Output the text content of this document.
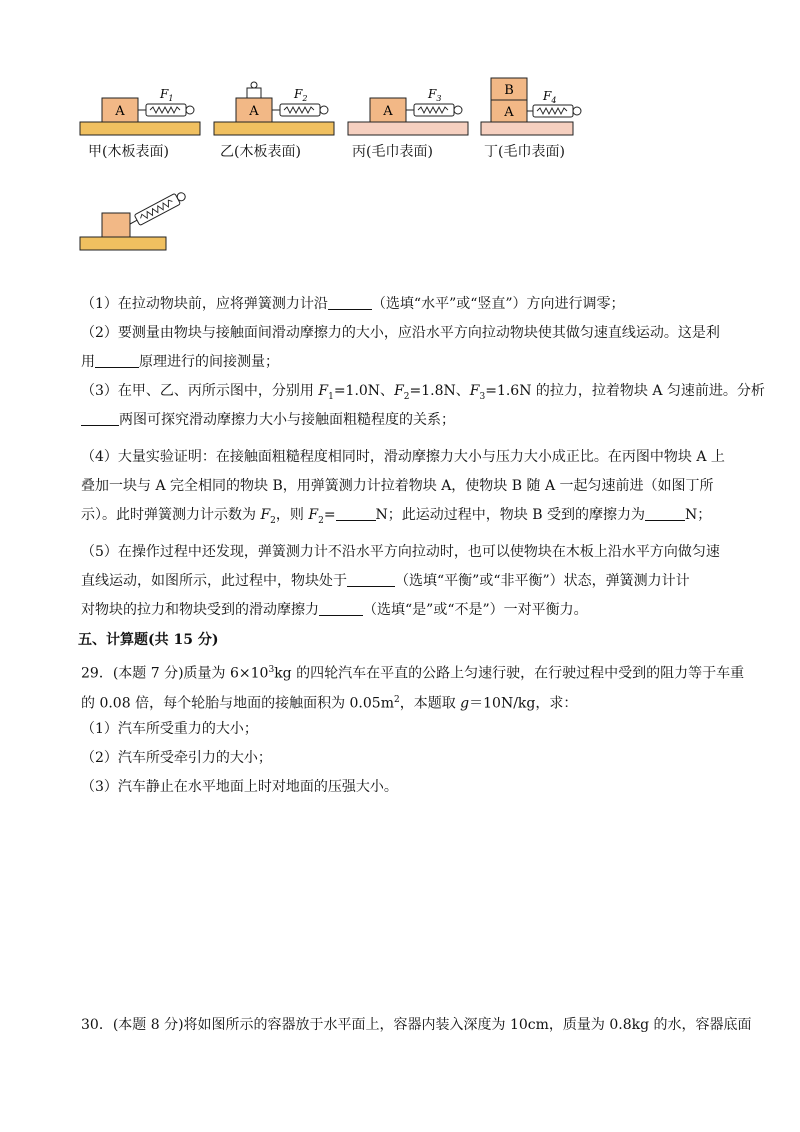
A
$F_1$
甲(木板表面)
A
$F_2$
乙(木板表面)
A
$F_3$
丙(毛巾表面)
B
A
$F_4$
丁(毛巾表面)
（1）在拉动物块前，应将弹簧测力计沿	（选填“水平”或“竖直”）方向进行调零；
（2）要测量由物块与接触面间滑动摩擦力的大小，应沿水平方向拉动物块使其做匀速直线运动。这是利
用	原理进行的间接测量；
（3）在甲、乙、丙所示图中，分别用 $F_1=1.0N$、$F_2=1.8N$、$F_3=1.6N$ 的拉力，拉着物块 A 匀速前进。分析
两图可探究滑动摩擦力大小与接触面粗糙程度的关系；
（4）大量实验证明：在接触面粗糙程度相同时，滑动摩擦力大小与压力大小成正比。在丙图中物块 A 上
叠加一块与 A 完全相同的物块 B，用弹簧测力计拉着物块 A，使物块 B 随 A 一起匀速前进（如图丁所
示）。此时弹簧测力计示数为 $F_2$，则 $F_2=$	N；此运动过程中，物块 B 受到的摩擦力为	N；
（5）在操作过程中还发现，弹簧测力计不沿水平方向拉动时，也可以使物块在木板上沿水平方向做匀速
直线运动，如图所示，此过程中，物块处于	（选填“平衡”或“非平衡”）状态，弹簧测力计计
对物块的拉力和物块受到的滑动摩擦力	（选填“是”或“不是”）一对平衡力。
五、计算题(共 15 分)
29．(本题 7 分)质量为 $6\times 10^3kg$ 的四轮汽车在平直的公路上匀速行驶，在行驶过程中受到的阻力等于车重
的 0.08 倍，每个轮胎与地面的接触面积为 $0.05m^2$，本题取 g＝10N/kg，求：
（1）汽车所受重力的大小；
（2）汽车所受牵引力的大小；
（3）汽车静止在水平地面上时对地面的压强大小。
30．(本题 8 分)将如图所示的容器放于水平面上，容器内装入深度为 10cm，质量为 0.8kg 的水，容器底面
